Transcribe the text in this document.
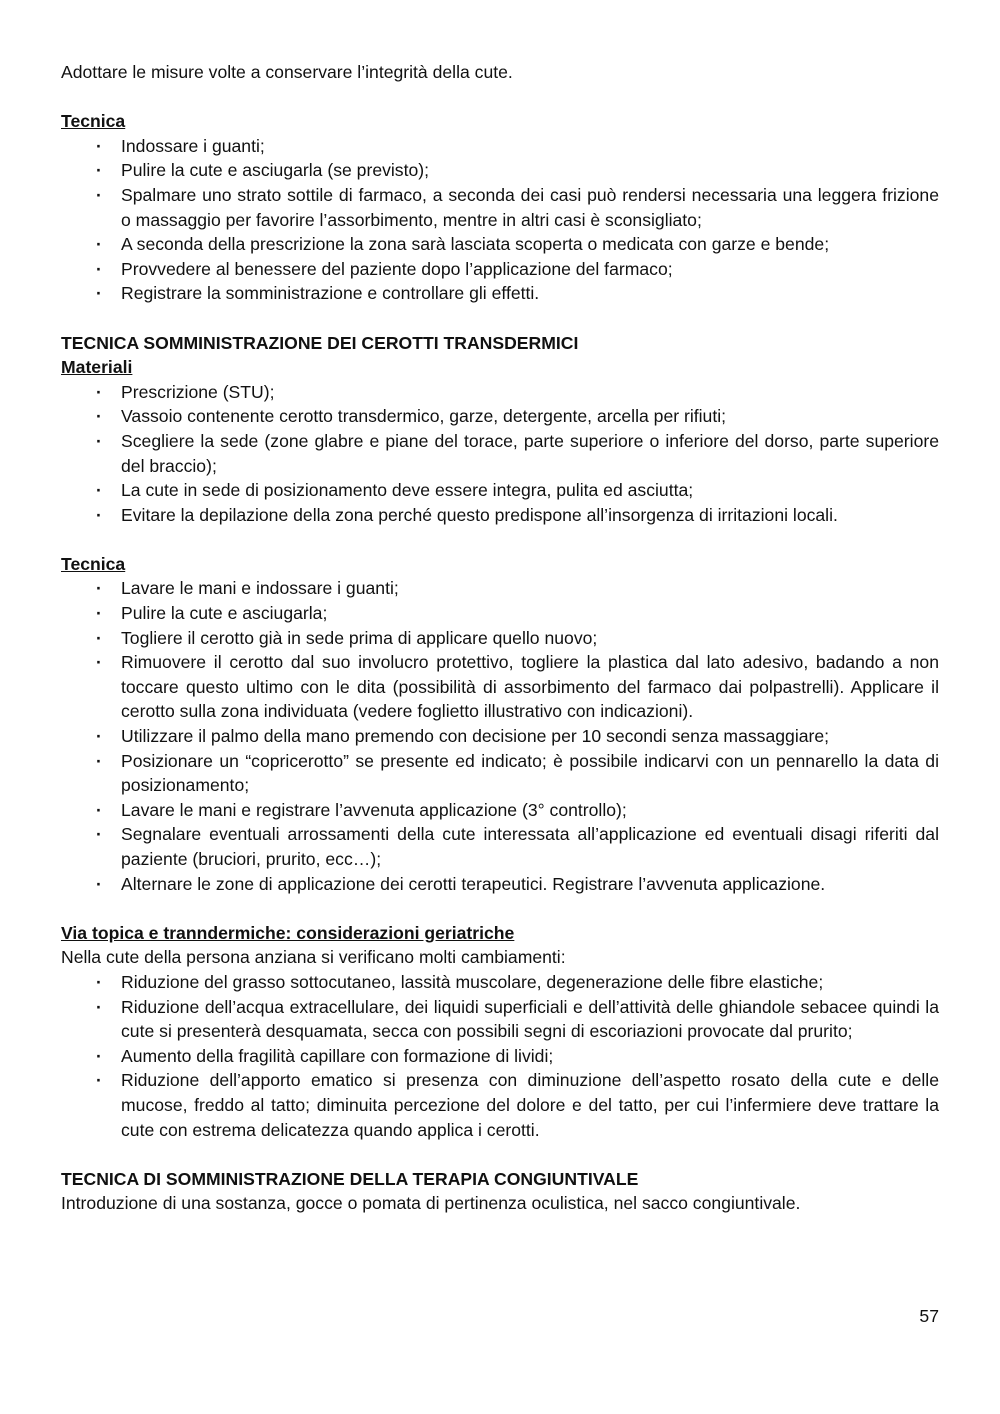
Adottare le misure volte a conservare l’integrità della cute.

Tecnica

· Indossare i guanti;
· Pulire la cute e asciugarla (se previsto);
· Spalmare uno strato sottile di farmaco, a seconda dei casi può rendersi necessaria una leggera frizione o massaggio per favorire l’assorbimento, mentre in altri casi è sconsigliato;
· A seconda della prescrizione la zona sarà lasciata scoperta o medicata con garze e bende;
· Provvedere al benessere del paziente dopo l’applicazione del farmaco;
· Registrare la somministrazione e controllare gli effetti.

TECNICA SOMMINISTRAZIONE DEI CEROTTI TRANSDERMICI

Materiali

· Prescrizione (STU);
· Vassoio contenente cerotto transdermico, garze, detergente, arcella per rifiuti;
· Scegliere la sede (zone glabre e piane del torace, parte superiore o inferiore del dorso, parte superiore del braccio);
· La cute in sede di posizionamento deve essere integra, pulita ed asciutta;
· Evitare la depilazione della zona perché questo predispone all’insorgenza di irritazioni locali.

Tecnica

· Lavare le mani e indossare i guanti;
· Pulire la cute e asciugarla;
· Togliere il cerotto già in sede prima di applicare quello nuovo;
· Rimuovere il cerotto dal suo involucro protettivo, togliere la plastica dal lato adesivo, badando a non toccare questo ultimo con le dita (possibilità di assorbimento del farmaco dai polpastrelli). Applicare il cerotto sulla zona individuata (vedere foglietto illustrativo con indicazioni).
· Utilizzare il palmo della mano premendo con decisione per 10 secondi senza massaggiare;
· Posizionare un “copricerotto” se presente ed indicato; è possibile indicarvi con un pennarello la data di posizionamento;
· Lavare le mani e registrare l’avvenuta applicazione (3° controllo);
· Segnalare eventuali arrossamenti della cute interessata all’applicazione ed eventuali disagi riferiti dal paziente (bruciori, prurito, ecc…);
· Alternare le zone di applicazione dei cerotti terapeutici. Registrare l’avvenuta applicazione.

Via topica e tranndermiche: considerazioni geriatriche

Nella cute della persona anziana si verificano molti cambiamenti:

· Riduzione del grasso sottocutaneo, lassità muscolare, degenerazione delle fibre elastiche;
· Riduzione dell’acqua extracellulare, dei liquidi superficiali e dell’attività delle ghiandole sebacee quindi la cute si presenterà desquamata, secca con possibili segni di escoriazioni provocate dal prurito;
· Aumento della fragilità capillare con formazione di lividi;
· Riduzione dell’apporto ematico si presenza con diminuzione dell’aspetto rosato della cute e delle mucose, freddo al tatto; diminuita percezione del dolore e del tatto, per cui l’infermiere deve trattare la cute con estrema delicatezza quando applica i cerotti.

TECNICA DI SOMMINISTRAZIONE DELLA TERAPIA CONGIUNTIVALE

Introduzione di una sostanza, gocce o pomata di pertinenza oculistica, nel sacco congiuntivale.

57
